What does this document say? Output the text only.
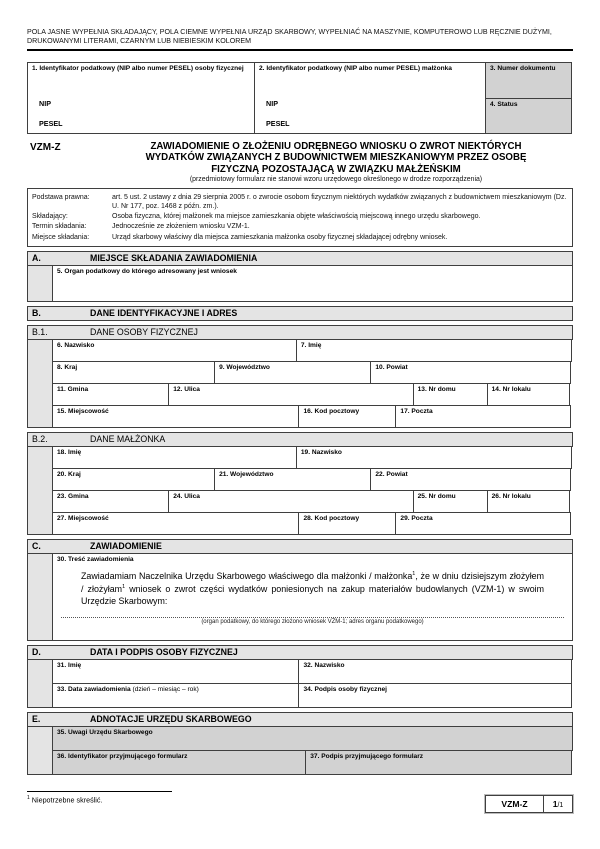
POLA JASNE WYPEŁNIA SKŁADAJĄCY, POLA CIEMNE WYPEŁNIA URZĄD SKARBOWY, WYPEŁNIAĆ NA MASZYNIE, KOMPUTEROWO LUB RĘCZNIE DUŻYMI, DRUKOWANYMI LITERAMI, CZARNYM LUB NIEBIESKIM KOLOREM
1. Identyfikator podatkowy (NIP albo numer PESEL) osoby fizycznej
NIP
PESEL
2. Identyfikator podatkowy (NIP albo numer PESEL) małżonka
NIP
PESEL
3. Numer dokumentu
4. Status
VZM-Z	ZAWIADOMIENIE O ZŁOŻENIU ODRĘBNEGO WNIOSKU O ZWROT NIEKTÓRYCH
WYDATKÓW ZWIĄZANYCH Z BUDOWNICTWEM MIESZKANIOWYM PRZEZ OSOBĘ
FIZYCZNĄ POZOSTAJĄCĄ W ZWIĄZKU MAŁŻEŃSKIM
(przedmiotowy formularz nie stanowi wzoru urzędowego określonego w drodze rozporządzenia)
Podstawa prawna:	art. 5 ust. 2 ustawy z dnia 29 sierpnia 2005 r. o zwrocie osobom fizycznym niektórych wydatków związanych z budownictwem mieszkaniowym (Dz. U. Nr 177, poz. 1468 z późn. zm.).
Składający:	Osoba fizyczna, której małżonek ma miejsce zamieszkania objęte właściwością miejscową innego urzędu skarbowego.
Termin składania:	Jednocześnie ze złożeniem wniosku VZM-1.
Miejsce składania:	Urząd skarbowy właściwy dla miejsca zamieszkania małżonka osoby fizycznej składającej odrębny wniosek.
A.	MIEJSCE SKŁADANIA ZAWIADOMIENIA
5. Organ podatkowy do którego adresowany jest wniosek
B.	DANE IDENTYFIKACYJNE I ADRES
B.1.	DANE OSOBY FIZYCZNEJ
6. Nazwisko	7. Imię
8. Kraj	9. Województwo	10. Powiat
11. Gmina	12. Ulica	13. Nr domu	14. Nr lokalu
15. Miejscowość	16. Kod pocztowy	17. Poczta
B.2.	DANE MAŁŻONKA
18. Imię	19. Nazwisko
20. Kraj	21. Województwo	22. Powiat
23. Gmina	24. Ulica	25. Nr domu	26. Nr lokalu
27. Miejscowość	28. Kod pocztowy	29. Poczta
C.	ZAWIADOMIENIE
30. Treść zawiadomienia
Zawiadamiam Naczelnika Urzędu Skarbowego właściwego dla małżonki / małżonka$^1$, że w dniu dzisiejszym złożyłem / złożyłam$^1$ wniosek o zwrot części wydatków poniesionych na zakup materiałów budowlanych (VZM-1) w swoim Urzędzie Skarbowym:
(organ podatkowy, do którego złożono wniosek VZM-1; adres organu podatkowego)
D.	DATA I PODPIS OSOBY FIZYCZNEJ
31. Imię	32. Nazwisko
33. Data zawiadomienia (dzień – miesiąc – rok)	34. Podpis osoby fizycznej
E.	ADNOTACJE URZĘDU SKARBOWEGO
35. Uwagi Urzędu Skarbowego
36. Identyfikator przyjmującego formularz	37. Podpis przyjmującego formularz
$^1$ Niepotrzebne skreślić.	VZM-Z	1/1
